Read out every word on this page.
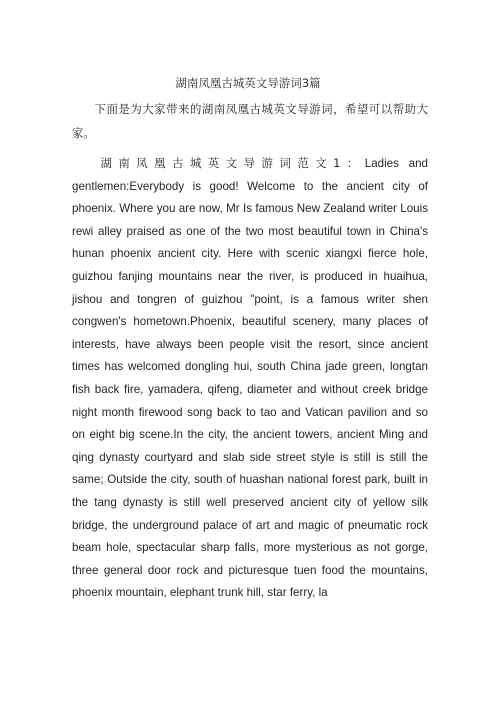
湖南凤凰古城英文导游词3篇

下面是为大家带来的湖南凤凰古城英文导游词，希望可以帮助大家。

湖南凤凰古城英文导游词范文1：Ladies and gentlemen:Everybody is good! Welcome to the ancient city of phoenix. Where you are now, Mr Is famous New Zealand writer Louis rewi alley praised as one of the two most beautiful town in China's hunan phoenix ancient city. Here with scenic xiangxi fierce hole, guizhou fanjing mountains near the river, is produced in huaihua, jishou and tongren of guizhou "point, is a famous writer shen congwen's hometown.Phoenix, beautiful scenery, many places of interests, have always been people visit the resort, since ancient times has welcomed dongling hui, south China jade green, longtan fish back fire, yamadera, qifeng, diameter and without creek bridge night month firewood song back to tao and Vatican pavilion and so on eight big scene.In the city, the ancient towers, ancient Ming and qing dynasty courtyard and slab side street style is still is still the same; Outside the city, south of huashan national forest park, built in the tang dynasty is still well preserved ancient city of yellow silk bridge, the underground palace of art and magic of pneumatic rock beam hole, spectacular sharp falls, more mysterious as not gorge, three general door rock and picturesque tuen food the mountains, phoenix mountain, elephant trunk hill, star ferry, la
